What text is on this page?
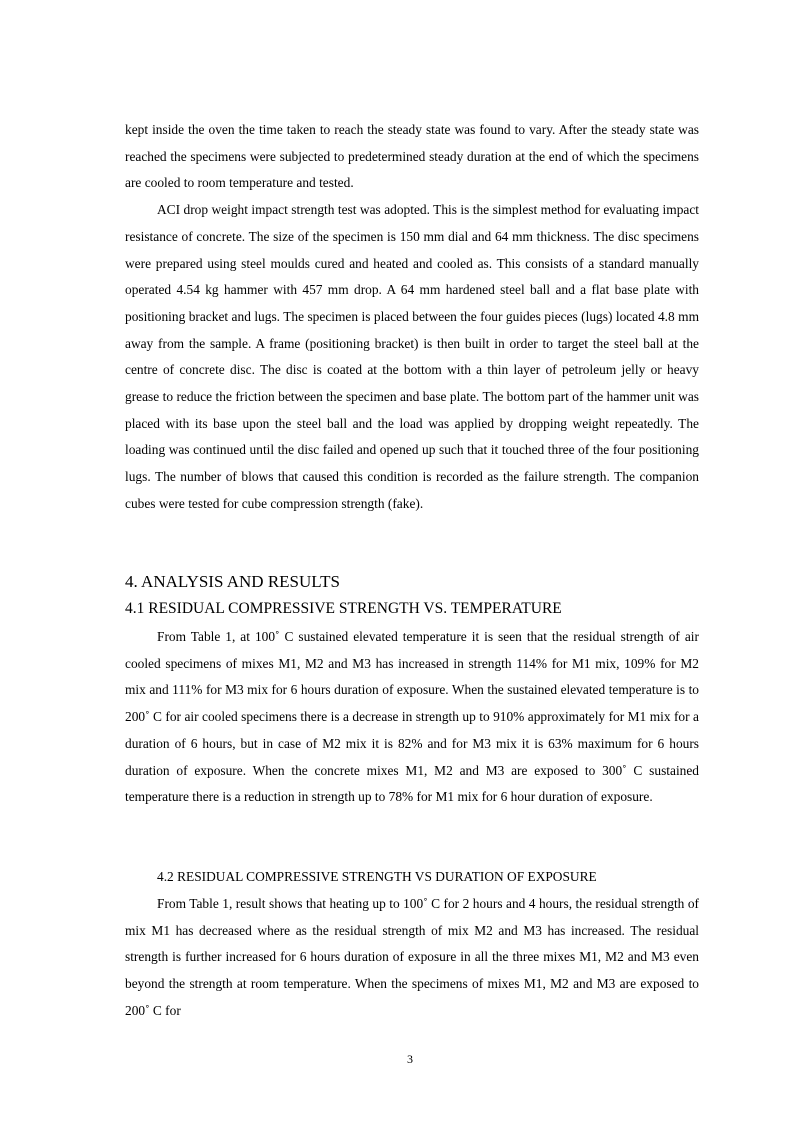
kept inside the oven the time taken to reach the steady state was found to vary. After the steady state was reached the specimens were subjected to predetermined steady duration at the end of which the specimens are cooled to room temperature and tested.

ACI drop weight impact strength test was adopted. This is the simplest method for evaluating impact resistance of concrete. The size of the specimen is 150 mm dial and 64 mm thickness. The disc specimens were prepared using steel moulds cured and heated and cooled as. This consists of a standard manually operated 4.54 kg hammer with 457 mm drop. A 64 mm hardened steel ball and a flat base plate with positioning bracket and lugs. The specimen is placed between the four guides pieces (lugs) located 4.8 mm away from the sample. A frame (positioning bracket) is then built in order to target the steel ball at the centre of concrete disc. The disc is coated at the bottom with a thin layer of petroleum jelly or heavy grease to reduce the friction between the specimen and base plate. The bottom part of the hammer unit was placed with its base upon the steel ball and the load was applied by dropping weight repeatedly. The loading was continued until the disc failed and opened up such that it touched three of the four positioning lugs. The number of blows that caused this condition is recorded as the failure strength. The companion cubes were tested for cube compression strength (fake).

4. ANALYSIS AND RESULTS
4.1 RESIDUAL COMPRESSIVE STRENGTH VS. TEMPERATURE

From Table 1, at 100˚ C sustained elevated temperature it is seen that the residual strength of air cooled specimens of mixes M1, M2 and M3 has increased in strength 114% for M1 mix, 109% for M2 mix and 111% for M3 mix for 6 hours duration of exposure. When the sustained elevated temperature is to 200˚ C for air cooled specimens there is a decrease in strength up to 910% approximately for M1 mix for a duration of 6 hours, but in case of M2 mix it is 82% and for M3 mix it is 63% maximum for 6 hours duration of exposure. When the concrete mixes M1, M2 and M3 are exposed to 300˚ C sustained temperature there is a reduction in strength up to 78% for M1 mix for 6 hour duration of exposure.

4.2 RESIDUAL COMPRESSIVE STRENGTH VS DURATION OF EXPOSURE

From Table 1, result shows that heating up to 100˚ C for 2 hours and 4 hours, the residual strength of mix M1 has decreased where as the residual strength of mix M2 and M3 has increased. The residual strength is further increased for 6 hours duration of exposure in all the three mixes M1, M2 and M3 even beyond the strength at room temperature. When the specimens of mixes M1, M2 and M3 are exposed to 200˚ C for

3
